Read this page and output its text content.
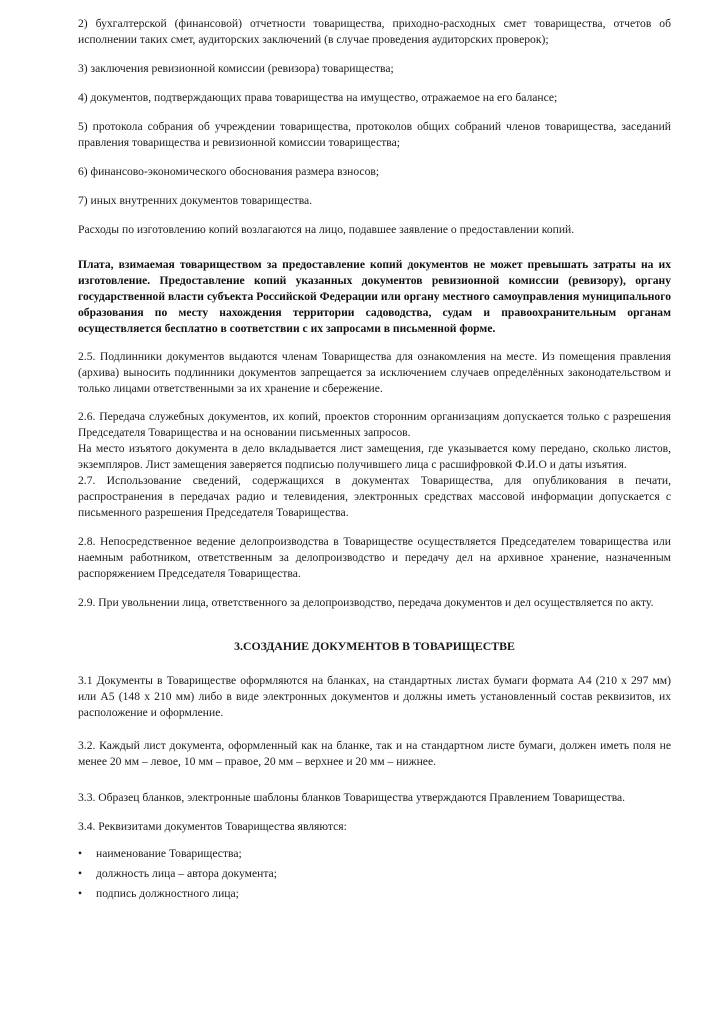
2) бухгалтерской (финансовой) отчетности товарищества, приходно-расходных смет товарищества, отчетов об исполнении таких смет, аудиторских заключений (в случае проведения аудиторских проверок);

3) заключения ревизионной комиссии (ревизора) товарищества;

4) документов, подтверждающих права товарищества на имущество, отражаемое на его балансе;

5) протокола собрания об учреждении товарищества, протоколов общих собраний членов товарищества, заседаний правления товарищества и ревизионной комиссии товарищества;

6) финансово-экономического обоснования размера взносов;

7) иных внутренних документов товарищества.

Расходы по изготовлению копий возлагаются на лицо, подавшее заявление о предоставлении копий.

Плата, взимаемая товариществом за предоставление копий документов не может превышать затраты на их изготовление. Предоставление копий указанных документов ревизионной комиссии (ревизору), органу государственной власти субъекта Российской Федерации или органу местного самоуправления муниципального образования по месту нахождения территории садоводства, судам и правоохранительным органам осуществляется бесплатно в соответствии с их запросами в письменной форме.

2.5. Подлинники документов выдаются членам Товарищества для ознакомления на месте. Из помещения правления (архива) выносить подлинники документов запрещается за исключением случаев определённых законодательством и только лицами ответственными за их хранение и сбережение.

2.6. Передача служебных документов, их копий, проектов сторонним организациям допускается только с разрешения Председателя Товарищества и на основании письменных запросов.

На место изъятого документа в дело вкладывается лист замещения, где указывается кому передано, сколько листов, экземпляров. Лист замещения заверяется подписью получившего лица с расшифровкой Ф.И.О и даты изъятия.

2.7. Использование сведений, содержащихся в документах Товарищества, для опубликования в печати, распространения в передачах радио и телевидения, электронных средствах массовой информации допускается с письменного разрешения Председателя Товарищества.

2.8. Непосредственное ведение делопроизводства в Товариществе осуществляется Председателем товарищества или наемным работником, ответственным за делопроизводство и передачу дел на архивное хранение, назначенным распоряжением Председателя Товарищества.

2.9. При увольнении лица, ответственного за делопроизводство, передача документов и дел осуществляется по акту.

3.СОЗДАНИЕ ДОКУМЕНТОВ В ТОВАРИЩЕСТВЕ

3.1 Документы в Товариществе оформляются на бланках, на стандартных листах бумаги формата А4 (210 х 297 мм) или А5 (148 х 210 мм) либо в виде электронных документов и должны иметь установленный состав реквизитов, их расположение и оформление.

3.2. Каждый лист документа, оформленный как на бланке, так и на стандартном листе бумаги, должен иметь поля не менее 20 мм – левое, 10 мм – правое, 20 мм – верхнее и 20 мм – нижнее.

3.3. Образец бланков, электронные шаблоны бланков Товарищества утверждаются Правлением Товарищества.

3.4. Реквизитами документов Товарищества являются:

• наименование Товарищества;
• должность лица – автора документа;
• подпись должностного лица;
